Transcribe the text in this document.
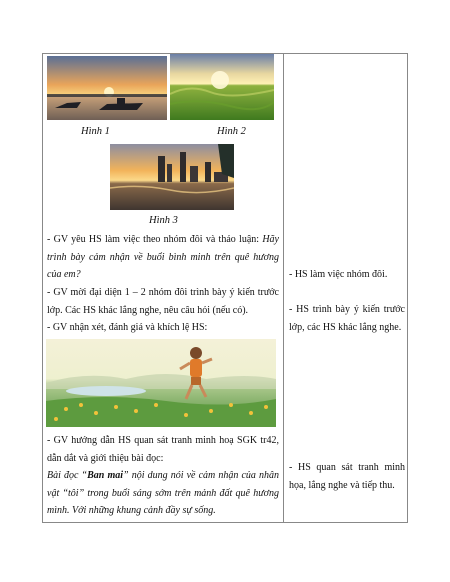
Hình 1	Hình 2
Hình 3
- GV yêu HS làm việc theo nhóm đôi và thảo luận: Hãy trình bày cảm nhận về buổi bình minh trên quê hương của em?
- GV mời đại diện 1 – 2 nhóm đôi trình bày ý kiến trước lớp. Các HS khác lắng nghe, nêu câu hỏi (nếu có).
- GV nhận xét, đánh giá và khích lệ HS:
- GV hướng dẫn HS quan sát tranh minh hoạ SGK tr42, dẫn dắt và giới thiệu bài đọc:
Bài đọc “Ban mai” nội dung nói về cảm nhận của nhân vật “tôi” trong buổi sáng sớm trên mảnh đất quê hương mình. Với những khung cảnh đầy sự sống.
- HS làm việc nhóm đôi.
- HS trình bày ý kiến trước lớp, các HS khác lắng nghe.
- HS quan sát tranh minh họa, lắng nghe và tiếp thu.
